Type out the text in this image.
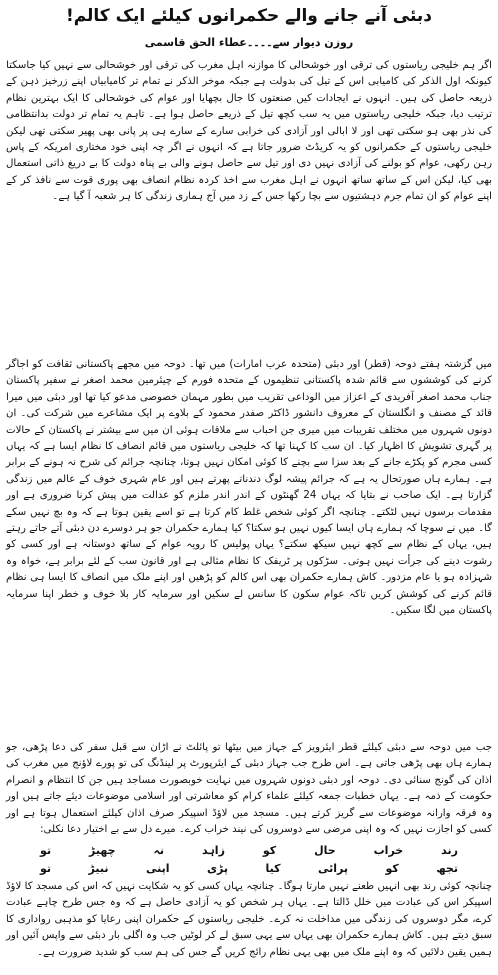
دبئی آنے جانے والے حکمرانوں کیلئے ایک کالم!
روزن دیوار سے۔۔۔۔عطاء الحق قاسمی
اگر ہم خلیجی ریاستوں کی ترقی اور خوشحالی کا موازنہ اہل مغرب کی ترقی اور خوشحالی سے نہیں کیا جاسکتا کیونکہ اول الذکر کی کامیابی اس کے تیل کی بدولت ہے جبکہ موخر الذکر نے تمام تر کامیابیاں اپنے زرخیز ذہن کے ذریعہ حاصل کی ہیں۔ انہوں نے ایجادات کیں صنعتوں کا جال بچھایا اور عوام کی خوشحالی کا ایک بہترین نظام ترتیب دیا، جبکہ خلیجی ریاستوں میں یہ سب کچھ تیل کے ذریعے حاصل ہوا ہے۔ تاہم یہ تمام تر دولت بدانتظامی کی نذر بھی ہو سکتی تھی اور لا ابالی اور آزادی کی خرابی سارے کے سارے ہی پر پانی بھی پھیر سکتی تھی لیکن خلیجی ریاستوں کے حکمرانوں کو یہ کریڈٹ ضرور جاتا ہے کہ انہوں نے اگر چہ اپنی خود مختاری امریکہ کے پاس رہن رکھی، عوام کو بولنے کی آزادی نہیں دی اور تیل سے حاصل ہونے والی بے پناہ دولت کا بے دریغ ذاتی استعمال بھی کیا، لیکن اس کے ساتھ ساتھ انہوں نے اہل مغرب سے اخذ کردہ نظام انصاف بھی پوری قوت سے نافذ کر کے اپنے عوام کو ان تمام جرم دہشتیوں سے بچا رکھا جس کے زد میں آج ہماری زندگی کا ہر شعبہ آ گیا ہے۔
میں گزشتہ ہفتے دوحہ (قطر) اور دبئی (متحدہ عرب امارات) میں تھا۔ دوحہ میں مجھے پاکستانی ثقافت کو اجاگر کرنے کی کوششوں سے قائم شدہ پاکستانی تنظیموں کے متحدہ فورم کے چیئرمین محمد اصغر نے سفیر پاکستان جناب محمد اصغر آفریدی کے اعزاز میں الوداعی تقریب میں بطور مہمان خصوصی مدعو کیا تھا اور دبئی میں میرا قائد کے مصنف و انگلستان کے معروف دانشور ڈاکٹر صفدر محمود کے بلاوے پر ایک مشاعرے میں شرکت کی۔ ان دونوں شہروں میں مختلف تقریبات میں میری جن احباب سے ملاقات ہوئی ان میں سے بیشتر نے پاکستان کے حالات پر گہری تشویش کا اظہار کیا۔ ان سب کا کہنا تھا کہ خلیجی ریاستوں میں قائم انصاف کا نظام ایسا ہے کہ یہاں کسی مجرم کو پکڑے جانے کے بعد سزا سے بچنے کا کوئی امکان نہیں ہوتا، چنانچہ جرائم کی شرح نہ ہونے کے برابر ہے۔ ہمارے ہاں صورتحال یہ ہے کہ جرائم پیشہ لوگ دندناتے پھرتے ہیں اور عام شہری خوف کے عالم میں زندگی گزارتا ہے۔ ایک صاحب نے بتایا کہ یہاں 24 گھنٹوں کے اندر اندر ملزم کو عدالت میں پیش کرنا ضروری ہے اور مقدمات برسوں نہیں لٹکتے۔ چنانچہ اگر کوئی شخص غلط کام کرتا ہے تو اسے یقین ہوتا ہے کہ وہ بچ نہیں سکے گا۔ میں نے سوچا کہ ہمارے ہاں ایسا کیوں نہیں ہو سکتا؟ کیا ہمارے حکمران جو ہر دوسرے دن دبئی آتے جاتے رہتے ہیں، یہاں کے نظام سے کچھ نہیں سیکھ سکتے؟ یہاں پولیس کا رویہ عوام کے ساتھ دوستانہ ہے اور کسی کو رشوت دینے کی جرأت نہیں ہوتی۔ سڑکوں پر ٹریفک کا نظام مثالی ہے اور قانون سب کے لئے برابر ہے، خواہ وہ شہزادہ ہو یا عام مزدور۔ کاش ہمارے حکمران بھی اس کالم کو پڑھیں اور اپنے ملک میں انصاف کا ایسا ہی نظام قائم کرنے کی کوشش کریں تاکہ عوام سکون کا سانس لے سکیں اور سرمایہ کار بلا خوف و خطر اپنا سرمایہ پاکستان میں لگا سکیں۔
جب میں دوحہ سے دبئی کیلئے قطر ایئرویز کے جہاز میں بیٹھا تو پائلٹ نے اڑان سے قبل سفر کی دعا پڑھی، جو ہمارے ہاں بھی پڑھی جاتی ہے۔ اس طرح جب جہاز دبئی کے ایئرپورٹ پر لینڈنگ کی تو پورے لاؤنج میں مغرب کی اذان کی گونج سنائی دی۔ دوحہ اور دبئی دونوں شہروں میں نہایت خوبصورت مساجد ہیں جن کا انتظام و انصرام حکومت کے ذمہ ہے۔ یہاں خطبات جمعہ کیلئے علماء کرام کو معاشرتی اور اسلامی موضوعات دیئے جاتے ہیں اور وہ فرقہ وارانہ موضوعات سے گریز کرتے ہیں۔ مسجد میں لاؤڈ اسپیکر صرف اذان کیلئے استعمال ہوتا ہے اور کسی کو اجازت نہیں کہ وہ اپنی مرضی سے دوسروں کی نیند خراب کرے۔ میرے دل سے بے اختیار دعا نکلی:
رند
خراب
حال
کو
زاہد
نہ
چھیڑ
تو
تجھ
کو
پرائی
کیا
پڑی
اپنی
نبیڑ
تو
چنانچہ کوئی رند بھی انہیں طعنے نہیں مارتا ہوگا۔ چنانچہ یہاں کسی کو یہ شکایت نہیں کہ اس کی مسجد کا لاؤڈ اسپیکر اس کی عبادت میں خلل ڈالتا ہے۔ یہاں ہر شخص کو یہ آزادی حاصل ہے کہ وہ جس طرح چاہے عبادت کرے، مگر دوسروں کی زندگی میں مداخلت نہ کرے۔ خلیجی ریاستوں کے حکمران اپنی رعایا کو مذہبی رواداری کا سبق دیتے ہیں۔ کاش ہمارے حکمران بھی یہاں سے یہی سبق لے کر لوٹیں جب وہ اگلی بار دبئی سے واپس آئیں اور ہمیں یقین دلائیں کہ وہ اپنے ملک میں بھی یہی نظام رائج کریں گے جس کی ہم سب کو شدید ضرورت ہے۔
